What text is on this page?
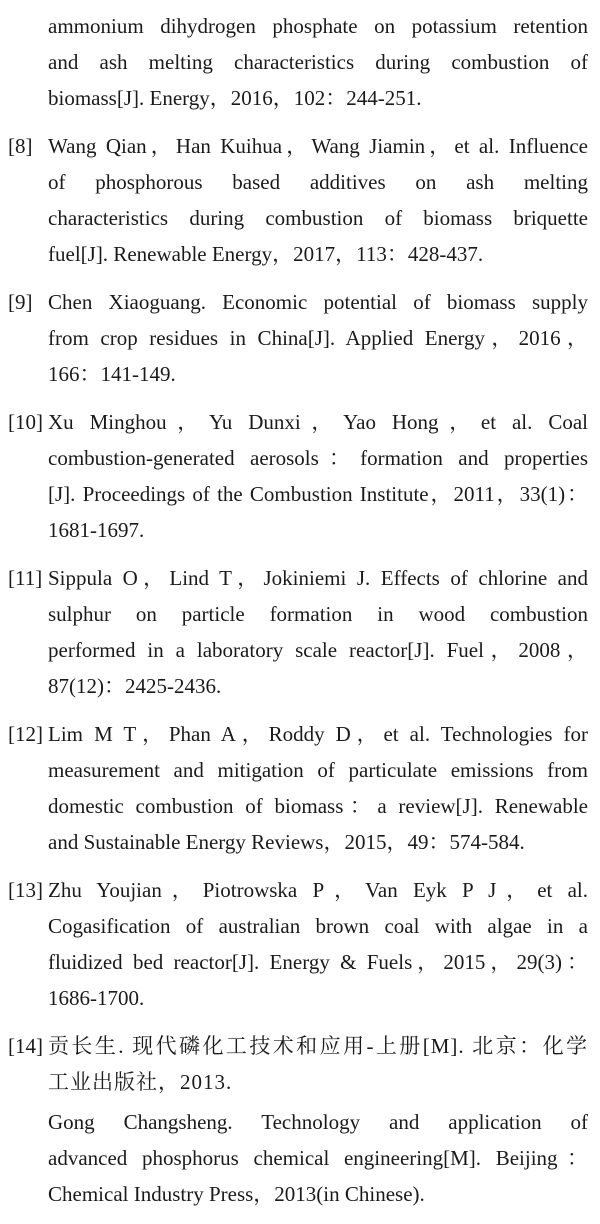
ammonium dihydrogen phosphate on potassium retention
and ash melting characteristics during combustion of
biomass[J]. Energy，2016，102：244-251.
[8] Wang Qian，Han Kuihua，Wang Jiamin，et al. Influence
of phosphorous based additives on ash melting
characteristics during combustion of biomass briquette
fuel[J]. Renewable Energy，2017，113：428-437.
[9] Chen Xiaoguang. Economic potential of biomass supply
from crop residues in China[J]. Applied Energy，2016，
166：141-149.
[10] Xu Minghou，Yu Dunxi，Yao Hong，et al. Coal
combustion-generated aerosols：formation and properties
[J]. Proceedings of the Combustion Institute，2011，33(1)：
1681-1697.
[11] Sippula O，Lind T，Jokiniemi J. Effects of chlorine and
sulphur on particle formation in wood combustion
performed in a laboratory scale reactor[J]. Fuel，2008，
87(12)：2425-2436.
[12] Lim M T，Phan A，Roddy D，et al. Technologies for
measurement and mitigation of particulate emissions from
domestic combustion of biomass：a review[J]. Renewable
and Sustainable Energy Reviews，2015，49：574-584.
[13] Zhu Youjian，Piotrowska P，Van Eyk P J，et al.
Cogasification of australian brown coal with algae in a
fluidized bed reactor[J]. Energy & Fuels，2015，29(3)：
1686-1700.
[14] 贡长生. 现代磷化工技术和应用-上册[M]. 北京：化学
工业出版社，2013.
Gong Changsheng. Technology and application of
advanced phosphorus chemical engineering[M]. Beijing：
Chemical Industry Press，2013(in Chinese).
